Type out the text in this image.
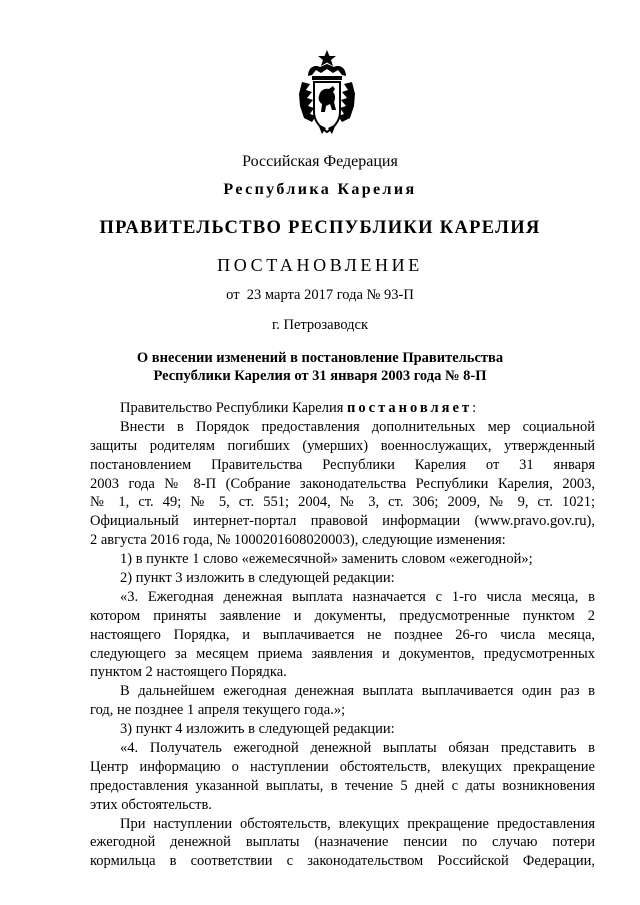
Российская Федерация
Республика Карелия
ПРАВИТЕЛЬСТВО РЕСПУБЛИКИ КАРЕЛИЯ
ПОСТАНОВЛЕНИЕ
от  23 марта 2017 года № 93-П
г. Петрозаводск
О внесении изменений в постановление Правительства
Республики Карелия от 31 января 2003 года № 8-П
Правительство Республики Карелия постановляет:
Внести в Порядок предоставления дополнительных мер социальной
защиты родителям погибших (умерших) военнослужащих, утвержденный
постановлением Правительства Республики Карелия от 31 января
2003 года № 8-П (Собрание законодательства Республики Карелия, 2003,
№ 1, ст. 49; № 5, ст. 551; 2004, № 3, ст. 306; 2009, № 9, ст. 1021;
Официальный интернет-портал правовой информации (www.pravo.gov.ru),
2 августа 2016 года, № 1000201608020003), следующие изменения:
1) в пункте 1 слово «ежемесячной» заменить словом «ежегодной»;
2) пункт 3 изложить в следующей редакции:
«3. Ежегодная денежная выплата назначается с 1-го числа месяца, в
котором приняты заявление и документы, предусмотренные пунктом 2
настоящего Порядка, и выплачивается не позднее 26-го числа месяца,
следующего за месяцем приема заявления и документов, предусмотренных
пунктом 2 настоящего Порядка.
В дальнейшем ежегодная денежная выплата выплачивается один раз в
год, не позднее 1 апреля текущего года.»;
3) пункт 4 изложить в следующей редакции:
«4. Получатель ежегодной денежной выплаты обязан представить в
Центр информацию о наступлении обстоятельств, влекущих прекращение
предоставления указанной выплаты, в течение 5 дней с даты возникновения
этих обстоятельств.
При наступлении обстоятельств, влекущих прекращение предоставления
ежегодной денежной выплаты (назначение пенсии по случаю потери
кормильца в соответствии с законодательством Российской Федерации,
